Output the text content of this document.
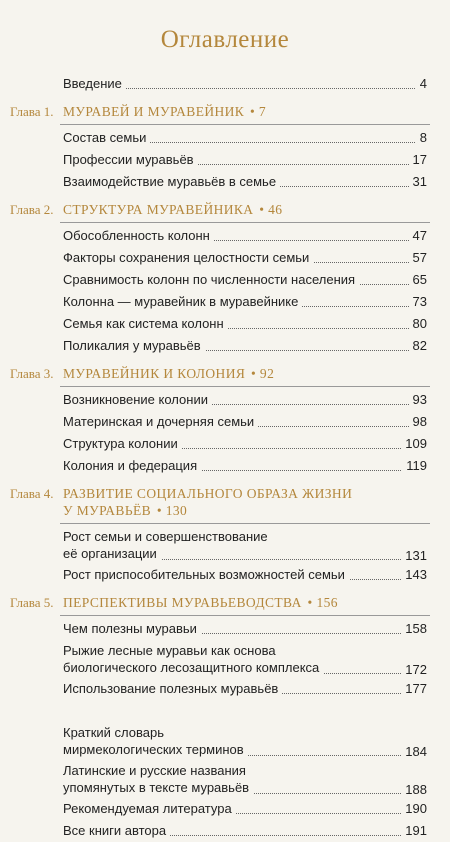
Оглавление
Введение	4
Глава 1. МУРАВЕЙ И МУРАВЕЙНИК • 7
Состав семьи	8
Профессии муравьёв	17
Взаимодействие муравьёв в семье	31
Глава 2. СТРУКТУРА МУРАВЕЙНИКА • 46
Обособленность колонн	47
Факторы сохранения целостности семьи	57
Сравнимость колонн по численности населения	65
Колонна — муравейник в муравейнике	73
Семья как система колонн	80
Поликалия у муравьёв	82
Глава 3. МУРАВЕЙНИК И КОЛОНИЯ • 92
Возникновение колонии	93
Материнская и дочерняя семьи	98
Структура колонии	109
Колония и федерация	119
Глава 4. РАЗВИТИЕ СОЦИАЛЬНОГО ОБРАЗА ЖИЗНИ
У МУРАВЬЁВ • 130
Рост семьи и совершенствование
её организации	131
Рост приспособительных возможностей семьи	143
Глава 5. ПЕРСПЕКТИВЫ МУРАВЬЕВОДСТВА • 156
Чем полезны муравьи	158
Рыжие лесные муравьи как основа
биологического лесозащитного комплекса	172
Использование полезных муравьёв	177
Краткий словарь
мирмекологических терминов	184
Латинские и русские названия
упомянутых в тексте муравьёв	188
Рекомендуемая литература	190
Все книги автора	191
